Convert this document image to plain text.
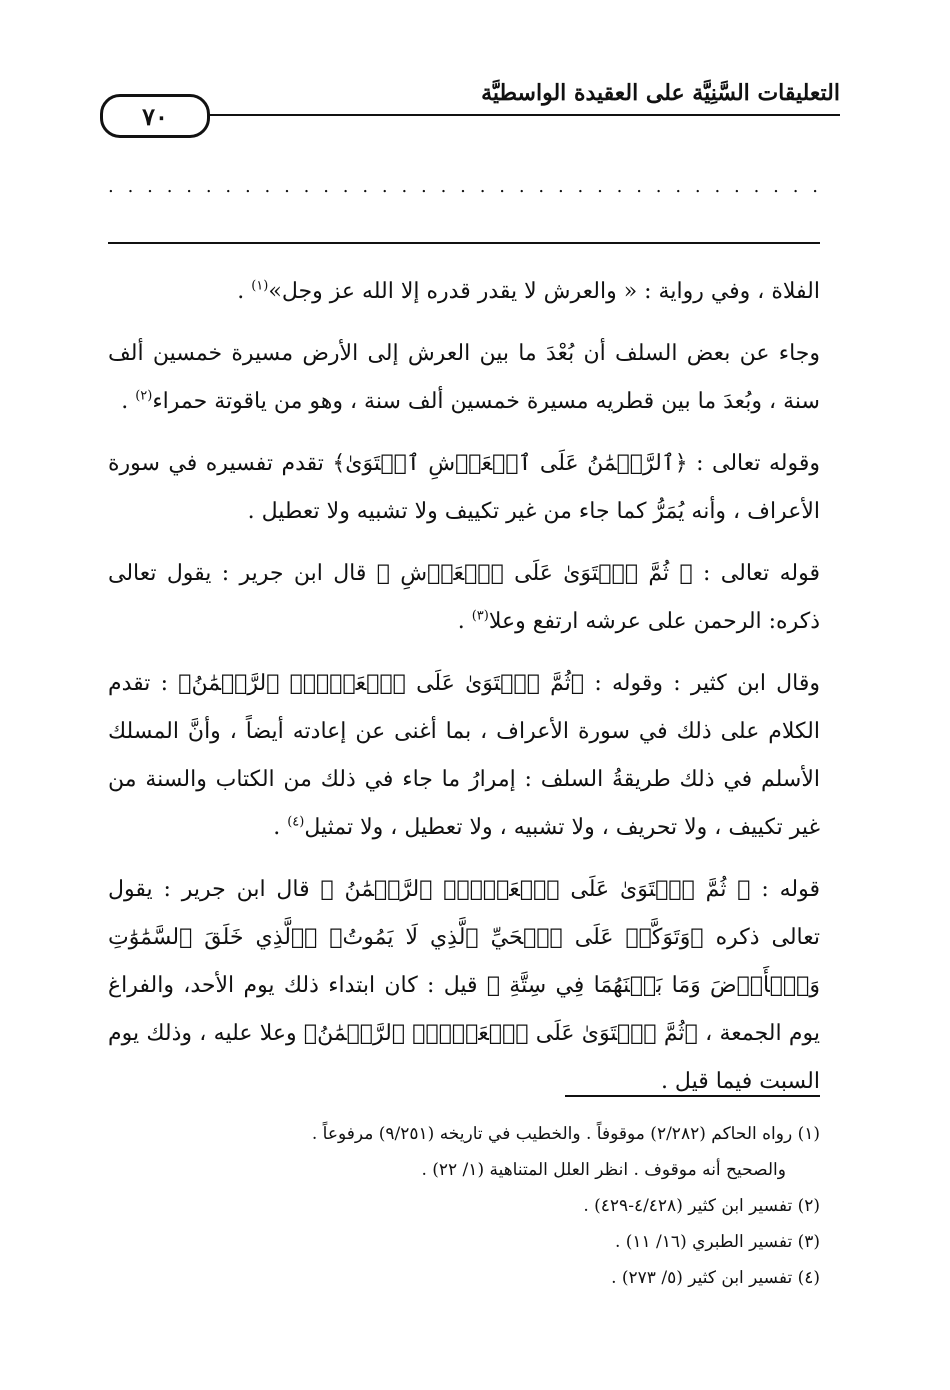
التعليقات السَّنِيَّة على العقيدة الواسطيَّة
٧٠
. . . . . . . . . . . . . . . . . . . . . . . . . . . . . . . . . . . . .

الفلاة ، وفي رواية : « والعرش لا يقدر قدره إلا الله عز وجل»$^{(١)}$ .

وجاء عن بعض السلف أن بُعْدَ ما بين العرش إلى الأرض مسيرة خمسين ألف سنة ، وبُعدَ ما بين قطريه مسيرة خمسين ألف سنة ، وهو من ياقوتة حمراء$^{(٢)}$ .

وقوله تعالى : ﴿ٱلرَّحۡمَٰنُ عَلَى ٱلۡعَرۡشِ ٱسۡتَوَىٰ﴾ تقدم تفسيره في سورة الأعراف ، وأنه يُمَرُّ كما جاء من غير تكييف ولا تشبيه ولا تعطيل .

قوله تعالى : ﴿ ثُمَّ ٱسۡتَوَىٰ عَلَى ٱلۡعَرۡشِ ﴾ قال ابن جرير : يقول تعالى ذكره: الرحمن على عرشه ارتفع وعلا$^{(٣)}$ .

وقال ابن كثير : وقوله : ﴿ثُمَّ ٱسۡتَوَىٰ عَلَى ٱلۡعَرۡشِۚ ٱلرَّحۡمَٰنُ﴾ : تقدم الكلام على ذلك في سورة الأعراف ، بما أغنى عن إعادته أيضاً ، وأنَّ المسلك الأسلم في ذلك طريقةُ السلف : إمرارُ ما جاء في ذلك من الكتاب والسنة من غير تكييف ، ولا تحريف ، ولا تشبيه ، ولا تعطيل ، ولا تمثيل$^{(٤)}$ .

قوله : ﴿ ثُمَّ ٱسۡتَوَىٰ عَلَى ٱلۡعَرۡشِۚ ٱلرَّحۡمَٰنُ ﴾ قال ابن جرير : يقول تعالى ذكره ﴿وَتَوَكَّلۡ عَلَى ٱلۡحَيِّ ٱلَّذِي لَا يَمُوتُ﴾ ﴿ٱلَّذِي خَلَقَ ٱلسَّمَٰوَٰتِ وَٱلۡأَرۡضَ وَمَا بَيۡنَهُمَا فِي سِتَّةِ ﴾ قيل : كان ابتداء ذلك يوم الأحد، والفراغ يوم الجمعة ، ﴿ثُمَّ ٱسۡتَوَىٰ عَلَى ٱلۡعَرۡشِۚ ٱلرَّحۡمَٰنُ﴾ وعلا عليه ، وذلك يوم السبت فيما قيل .

(١) رواه الحاكم (٢/٢٨٢) موقوفاً . والخطيب في تاريخه (٩/٢٥١) مرفوعاً .
والصحيح أنه موقوف . انظر العلل المتناهية (١/ ٢٢) .
(٢) تفسير ابن كثير (٤/٤٢٨-٤٢٩) .
(٣) تفسير الطبري (١٦/ ١١) .
(٤) تفسير ابن كثير (٥/ ٢٧٣) .
